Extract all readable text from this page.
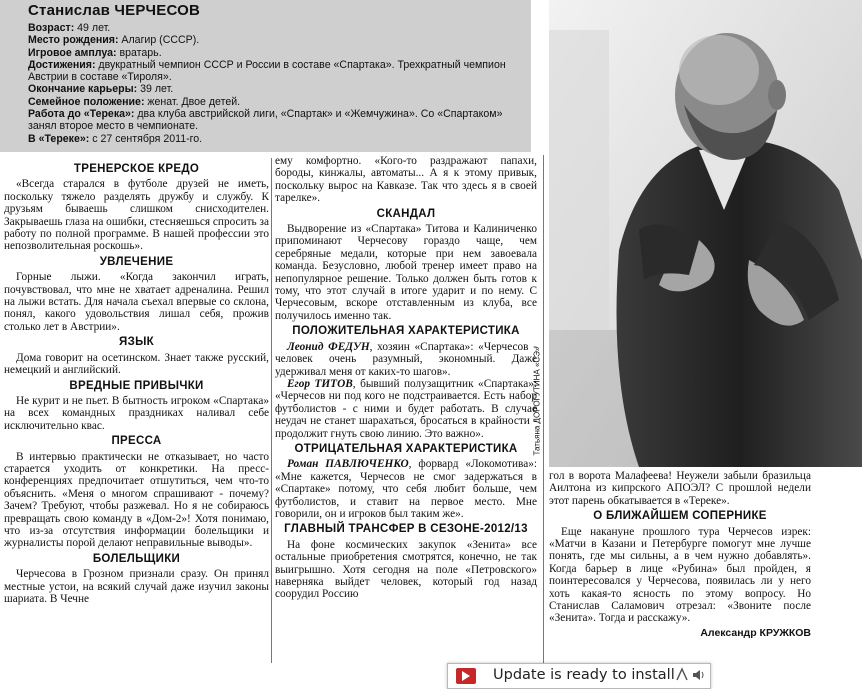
Станислав ЧЕРЧЕСОВ

Возраст: 49 лет.

Место рождения: Алагир (СССР).

Игровое амплуа: вратарь.

Достижения: двукратный чемпион СССР и России в составе «Спартака». Трехкратный чемпион Австрии в составе «Тироля».

Окончание карьеры: 39 лет.

Семейное положение: женат. Двое детей.

Работа до «Терека»: два клуба австрийской лиги, «Спартак» и «Жемчужина». Со «Спартаком» занял второе место в чемпионате.

В «Тереке»: с 27 сентября 2011-го.

Татьяна ДОРОГУТИНА «СЭ»
ТРЕНЕРСКОЕ КРЕДО

«Всегда старался в футболе друзей не иметь, поскольку тяжело разделять дружбу и службу. К друзьям бываешь слишком снисходителен. Закрываешь глаза на ошибки, стесняешься спросить за работу по полной программе. В нашей профессии это непозволительная роскошь».

УВЛЕЧЕНИЕ

Горные лыжи. «Когда закончил играть, почувствовал, что мне не хватает адреналина. Решил на лыжи встать. Для начала съехал впервые со склона, понял, какого удовольствия лишал себя, прожив столько лет в Австрии».

ЯЗЫК

Дома говорит на осетинском. Знает также русский, немецкий и английский.

ВРЕДНЫЕ ПРИВЫЧКИ

Не курит и не пьет. В бытность игроком «Спартака» на всех командных праздниках наливал себе исключительно квас.

ПРЕССА

В интервью практически не отказывает, но часто старается уходить от конкретики. На пресс-конференциях предпочитает отшутиться, чем что-то объяснить. «Меня о многом спрашивают - почему? Зачем? Требуют, чтобы разжевал. Но я не собираюсь превращать свою команду в «Дом-2»! Хотя понимаю, что из-за отсутствия информации болельщики и журналисты порой делают неправильные выводы».

БОЛЕЛЬЩИКИ

Черчесова в Грозном признали сразу. Он принял местные устои, на всякий случай даже изучил законы шариата. В Чечне

ему комфортно. «Кого-то раздражают папахи, бороды, кинжалы, автоматы... А я к этому привык, поскольку вырос на Кавказе. Так что здесь я в своей тарелке».

СКАНДАЛ

Выдворение из «Спартака» Титова и Калиниченко припоминают Черчесову гораздо чаще, чем серебряные медали, которые при нем завоевала команда. Безусловно, любой тренер имеет право на непопулярное решение. Только должен быть готов к тому, что этот случай в итоге ударит и по нему. С Черчесовым, вскоре отставленным из клуба, все получилось именно так.

ПОЛОЖИТЕЛЬНАЯ ХАРАКТЕРИСТИКА

Леонид ФЕДУН, хозяин «Спартака»: «Черчесов - человек очень разумный, экономный. Даже удерживал меня от каких-то шагов».

Егор ТИТОВ, бывший полузащитник «Спартака»: «Черчесов ни под кого не подстраивается. Есть набор футболистов - с ними и будет работать. В случае неудач не станет шарахаться, бросаться в крайности - продолжит гнуть свою линию. Это важно».

ОТРИЦАТЕЛЬНАЯ ХАРАКТЕРИСТИКА

Роман ПАВЛЮЧЕНКО, форвард «Локомотива»: «Мне кажется, Черчесов не смог задержаться в «Спартаке» потому, что себя любит больше, чем футболистов, и ставит на первое место. Мне говорили, он и игроков был таким же».

ГЛАВНЫЙ ТРАНСФЕР В СЕЗОНЕ-2012/13

На фоне космических закупок «Зенита» все остальные приобретения смотрятся, конечно, не так выигрышно. Хотя сегодня на поле «Петровского» наверняка выйдет человек, который год назад соорудил Россию

гол в ворота Малафеева! Неужели забыли бразильца Аилтона из кипрского АПОЭЛ? С прошлой недели этот парень обкатывается в «Тереке».

О БЛИЖАЙШЕМ СОПЕРНИКЕ

Еще накануне прошлого тура Черчесов изрек: «Матчи в Казани и Петербурге помогут мне лучше понять, где мы сильны, а в чем нужно добавлять». Когда барьер в лице «Рубина» был пройден, я поинтересовался у Черчесова, появилась ли у него хоть какая-то ясность по этому вопросу. Но Станислав Саламович отрезал: «Звоните после «Зенита». Тогда и расскажу».

Александр КРУЖКОВ
Update is ready to install
